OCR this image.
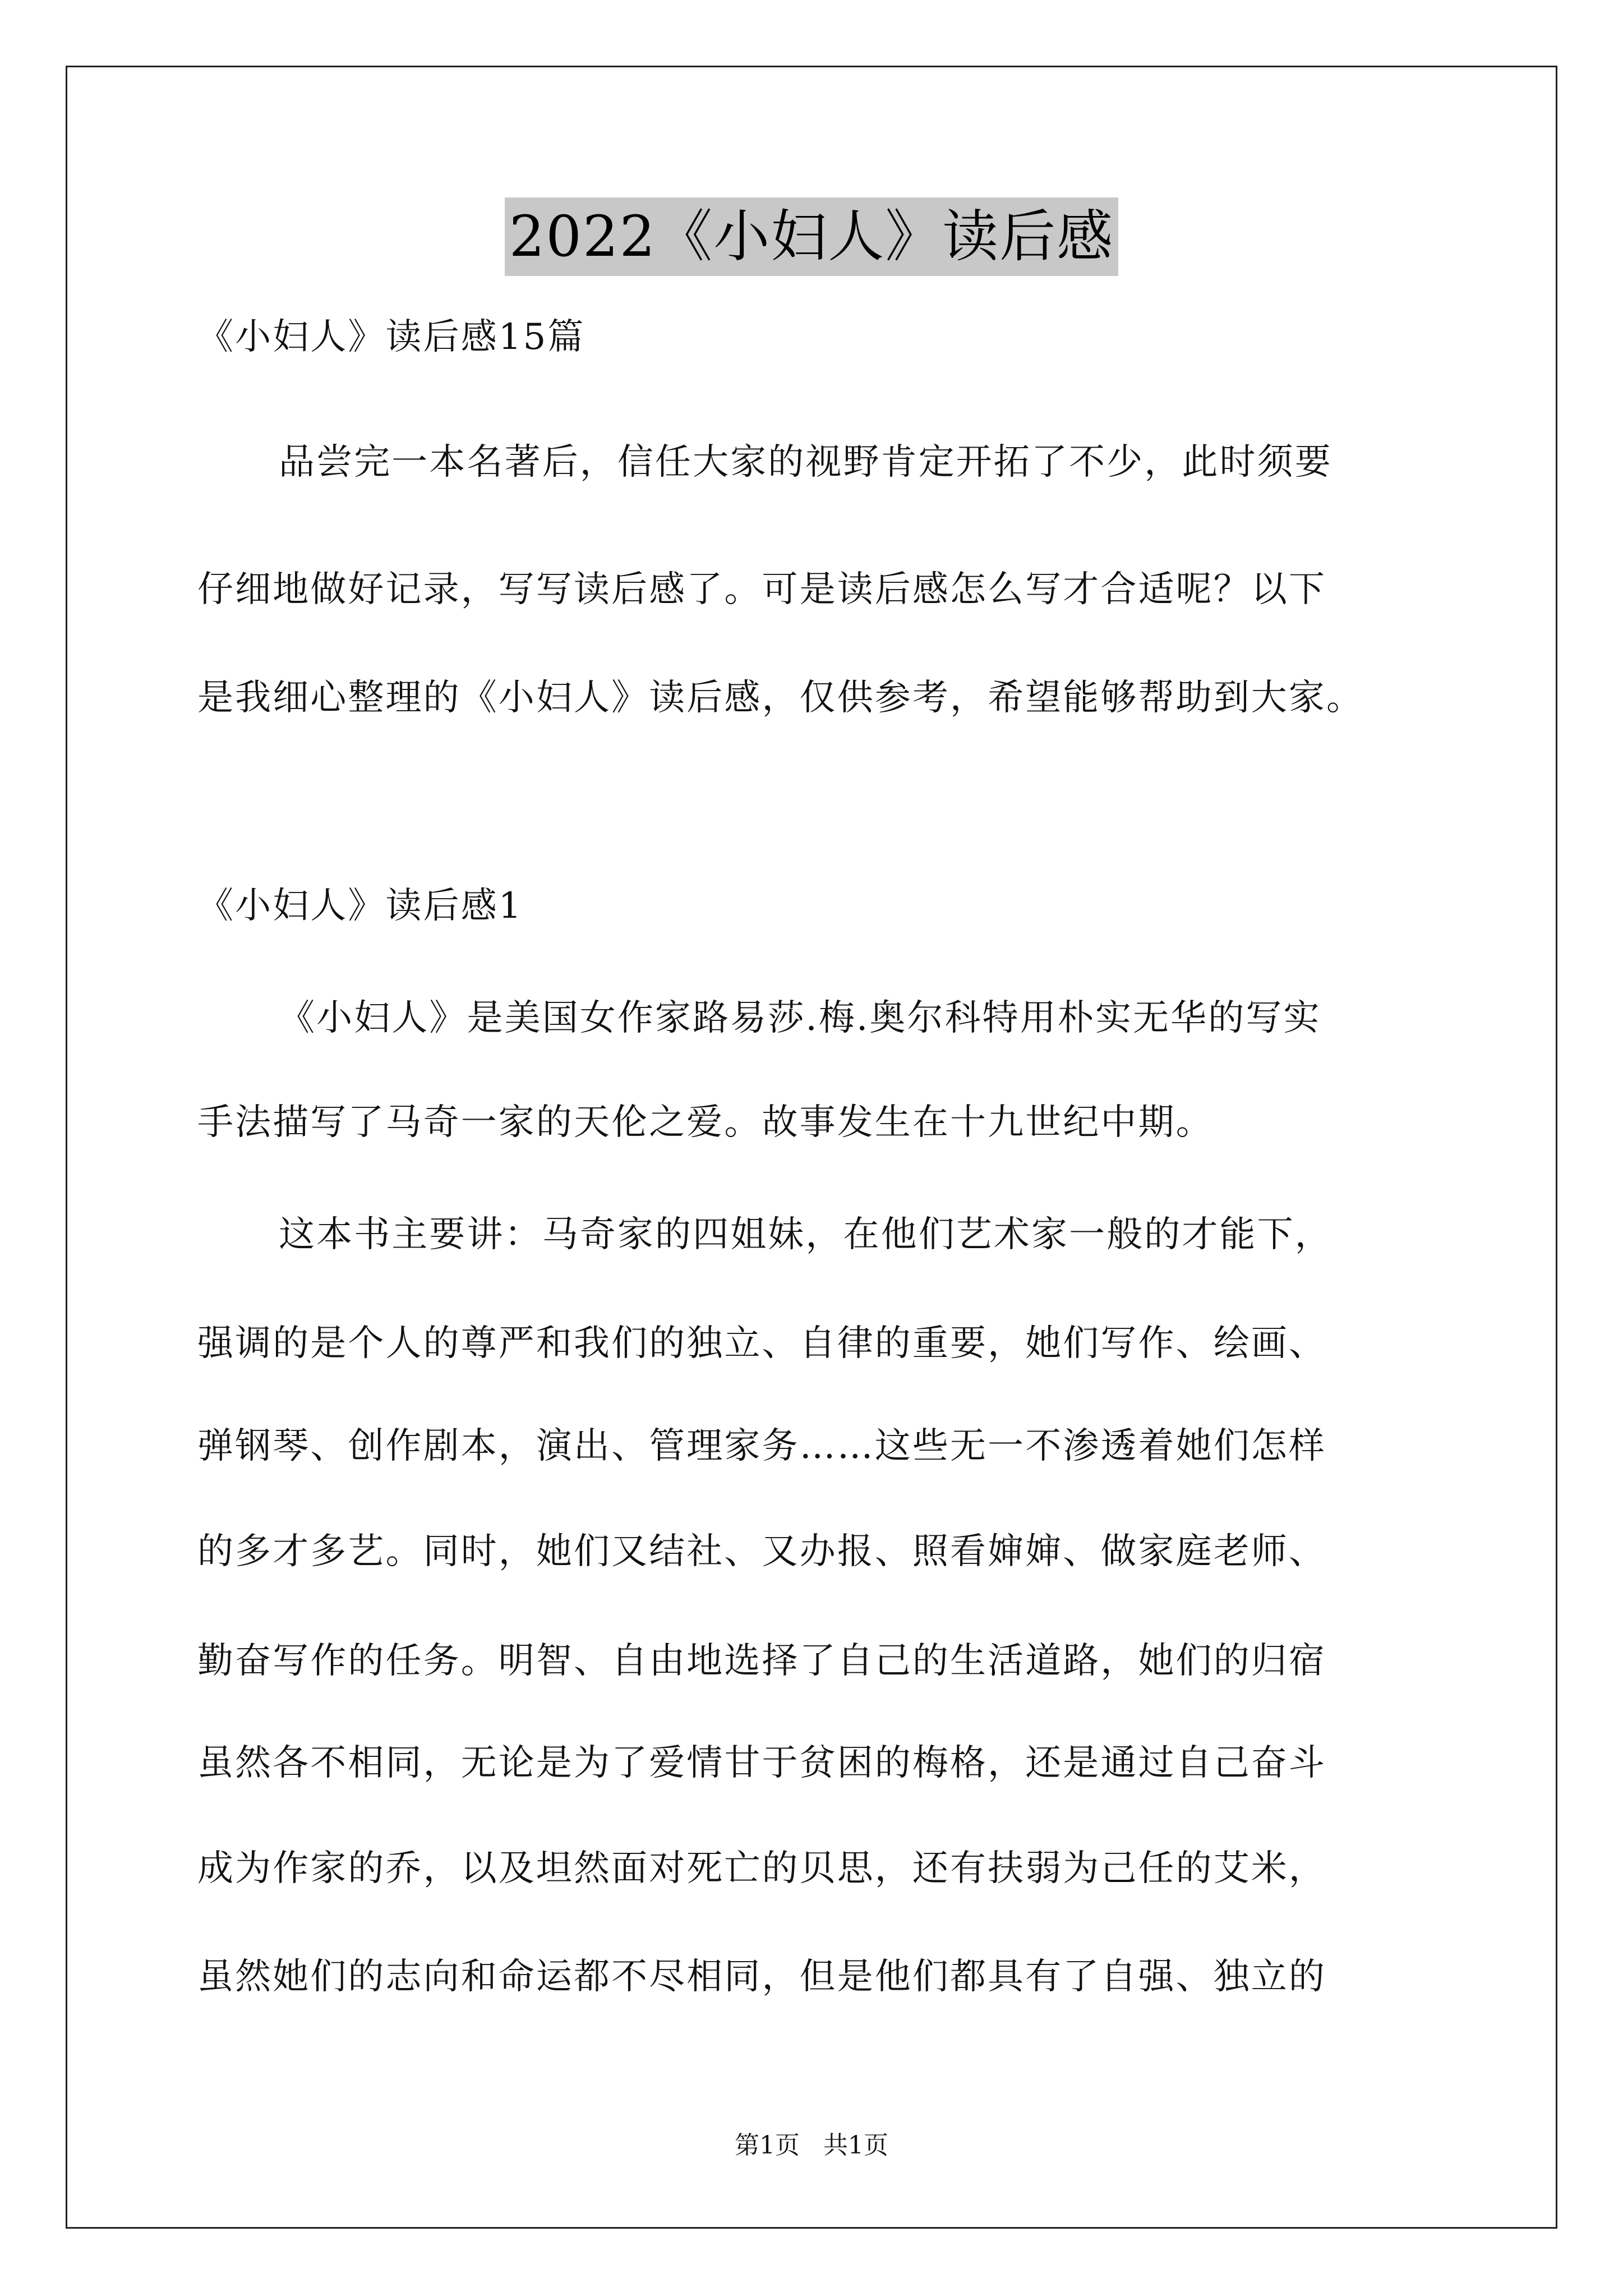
2022《小妇人》读后感
《小妇人》读后感15篇
品尝完一本名著后，信任大家的视野肯定开拓了不少，此时须要
仔细地做好记录，写写读后感了。可是读后感怎么写才合适呢？以下
是我细心整理的《小妇人》读后感，仅供参考，希望能够帮助到大家。
《小妇人》读后感1
《小妇人》是美国女作家路易莎.梅.奥尔科特用朴实无华的写实
手法描写了马奇一家的天伦之爱。故事发生在十九世纪中期。
这本书主要讲：马奇家的四姐妹，在他们艺术家一般的才能下，
强调的是个人的尊严和我们的独立、自律的重要，她们写作、绘画、
弹钢琴、创作剧本，演出、管理家务……这些无一不渗透着她们怎样
的多才多艺。同时，她们又结社、又办报、照看婶婶、做家庭老师、
勤奋写作的任务。明智、自由地选择了自己的生活道路，她们的归宿
虽然各不相同，无论是为了爱情甘于贫困的梅格，还是通过自己奋斗
成为作家的乔，以及坦然面对死亡的贝思，还有扶弱为己任的艾米，
虽然她们的志向和命运都不尽相同，但是他们都具有了自强、独立的
第1页   共1页
